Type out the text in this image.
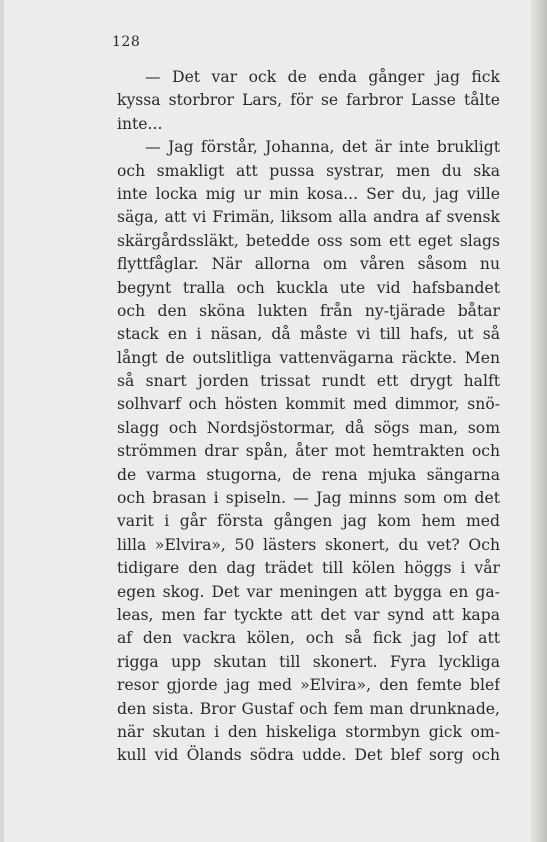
128
— Det var ock de enda gånger jag fick
kyssa storbror Lars, för se farbror Lasse tålte
inte...
— Jag förstår, Johanna, det är inte brukligt
och smakligt att pussa systrar, men du ska
inte locka mig ur min kosa... Ser du, jag ville
säga, att vi Frimän, liksom alla andra af svensk
skärgårdssläkt, betedde oss som ett eget slags
flyttfåglar. När allorna om våren såsom nu
begynt tralla och kuckla ute vid hafsbandet
och den sköna lukten från ny-tjärade båtar
stack en i näsan, då måste vi till hafs, ut så
långt de outslitliga vattenvägarna räckte. Men
så snart jorden trissat rundt ett drygt halft
solhvarf och hösten kommit med dimmor, snö-
slagg och Nordsjöstormar, då sögs man, som
strömmen drar spån, åter mot hemtrakten och
de varma stugorna, de rena mjuka sängarna
och brasan i spiseln. — Jag minns som om det
varit i går första gången jag kom hem med
lilla »Elvira», 50 lästers skonert, du vet? Och
tidigare den dag trädet till kölen höggs i vår
egen skog. Det var meningen att bygga en ga-
leas, men far tyckte att det var synd att kapa
af den vackra kölen, och så fick jag lof att
rigga upp skutan till skonert. Fyra lyckliga
resor gjorde jag med »Elvira», den femte blef
den sista. Bror Gustaf och fem man drunknade,
när skutan i den hiskeliga stormbyn gick om-
kull vid Ölands södra udde. Det blef sorg och
